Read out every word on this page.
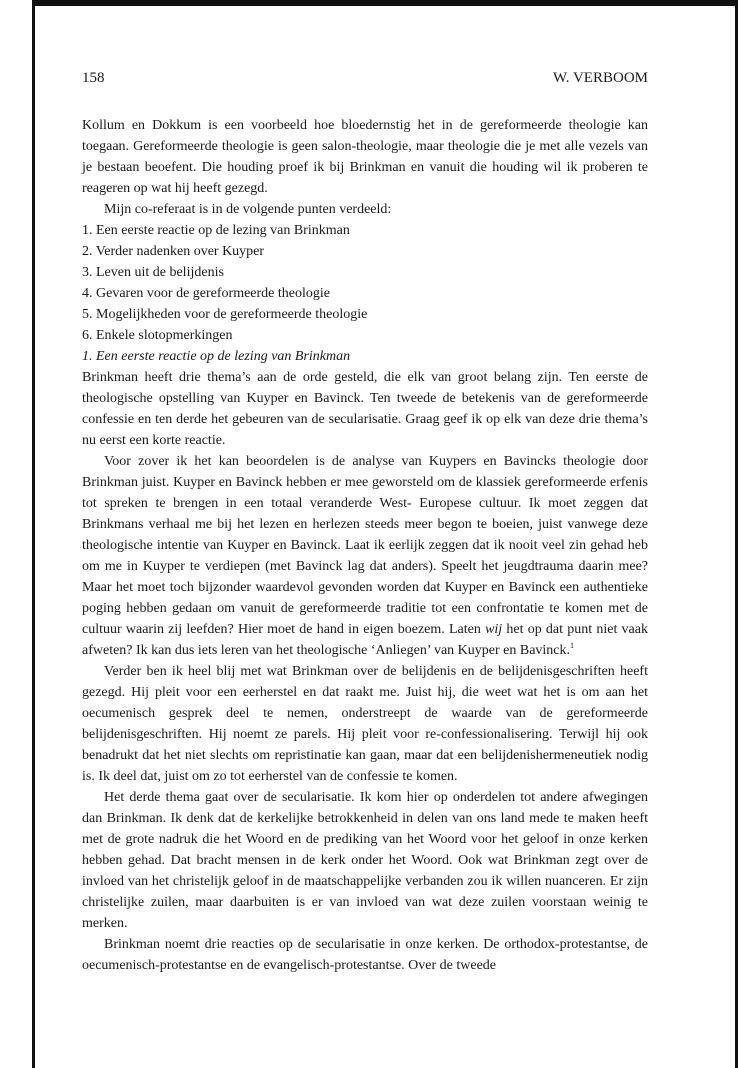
158	W. VERBOOM

Kollum en Dokkum is een voorbeeld hoe bloedernstig het in de gereformeerde theologie kan toegaan. Gereformeerde theologie is geen salon-theologie, maar theologie die je met alle vezels van je bestaan beoefent. Die houding proef ik bij Brinkman en vanuit die houding wil ik proberen te reageren op wat hij heeft gezegd.

Mijn co-referaat is in de volgende punten verdeeld:

1. Een eerste reactie op de lezing van Brinkman
2. Verder nadenken over Kuyper
3. Leven uit de belijdenis
4. Gevaren voor de gereformeerde theologie
5. Mogelijkheden voor de gereformeerde theologie
6. Enkele slotopmerkingen

1. Een eerste reactie op de lezing van Brinkman

Brinkman heeft drie thema’s aan de orde gesteld, die elk van groot belang zijn. Ten eerste de theologische opstelling van Kuyper en Bavinck. Ten tweede de betekenis van de gereformeerde confessie en ten derde het gebeuren van de secularisatie. Graag geef ik op elk van deze drie thema’s nu eerst een korte reactie.

Voor zover ik het kan beoordelen is de analyse van Kuypers en Bavincks theologie door Brinkman juist. Kuyper en Bavinck hebben er mee geworsteld om de klassiek gereformeerde erfenis tot spreken te brengen in een totaal veranderde West- Europese cultuur. Ik moet zeggen dat Brinkmans verhaal me bij het lezen en herlezen steeds meer begon te boeien, juist vanwege deze theologische intentie van Kuyper en Bavinck. Laat ik eerlijk zeggen dat ik nooit veel zin gehad heb om me in Kuyper te verdiepen (met Bavinck lag dat anders). Speelt het jeugdtrauma daarin mee? Maar het moet toch bijzonder waardevol gevonden worden dat Kuyper en Bavinck een authentieke poging hebben gedaan om vanuit de gereformeerde traditie tot een confrontatie te komen met de cultuur waarin zij leefden? Hier moet de hand in eigen boezem. Laten wij het op dat punt niet vaak afweten? Ik kan dus iets leren van het theologische ‘Anliegen’ van Kuyper en Bavinck.$^1$

Verder ben ik heel blij met wat Brinkman over de belijdenis en de belijdenisgeschriften heeft gezegd. Hij pleit voor een eerherstel en dat raakt me. Juist hij, die weet wat het is om aan het oecumenisch gesprek deel te nemen, onderstreept de waarde van de gereformeerde belijdenisgeschriften. Hij noemt ze parels. Hij pleit voor re-confessionalisering. Terwijl hij ook benadrukt dat het niet slechts om repristinatie kan gaan, maar dat een belijdenishermeneutiek nodig is. Ik deel dat, juist om zo tot eerherstel van de confessie te komen.

Het derde thema gaat over de secularisatie. Ik kom hier op onderdelen tot andere afwegingen dan Brinkman. Ik denk dat de kerkelijke betrokkenheid in delen van ons land mede te maken heeft met de grote nadruk die het Woord en de prediking van het Woord voor het geloof in onze kerken hebben gehad. Dat bracht mensen in de kerk onder het Woord. Ook wat Brinkman zegt over de invloed van het christelijk geloof in de maatschappelijke verbanden zou ik willen nuanceren. Er zijn christelijke zuilen, maar daarbuiten is er van invloed van wat deze zuilen voorstaan weinig te merken.

Brinkman noemt drie reacties op de secularisatie in onze kerken. De orthodox-protestantse, de oecumenisch-protestantse en de evangelisch-protestantse. Over de tweede
